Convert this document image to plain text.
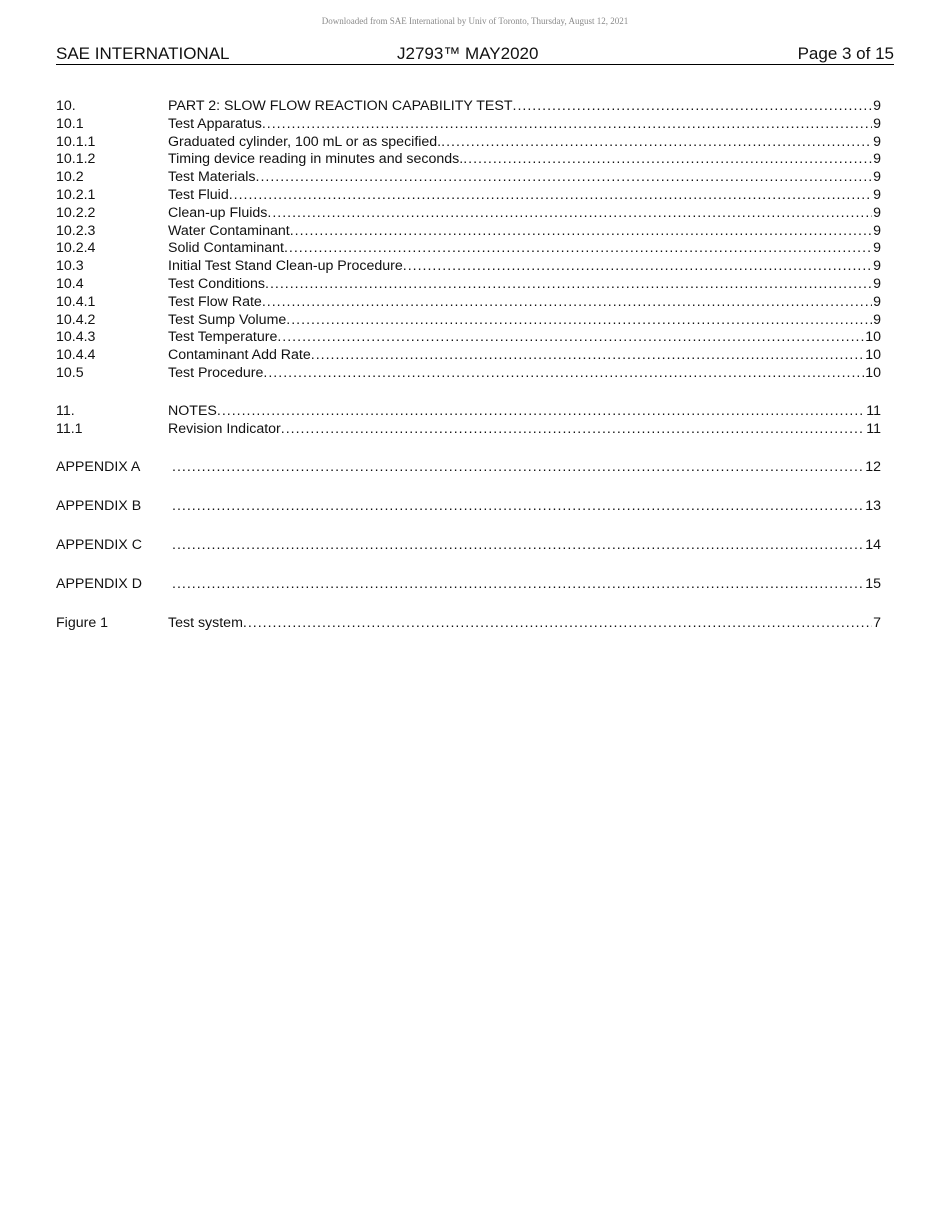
Downloaded from SAE International by Univ of Toronto, Thursday, August 12, 2021
SAE INTERNATIONAL	J2793™ MAY2020	Page 3 of 15
10.	PART 2: SLOW FLOW REACTION CAPABILITY TEST .....	9
10.1	Test Apparatus .....	9
10.1.1	Graduated cylinder, 100 mL or as specified. .....	9
10.1.2	Timing device reading in minutes and seconds. .....	9
10.2	Test Materials .....	9
10.2.1	Test Fluid .....	9
10.2.2	Clean-up Fluids .....	9
10.2.3	Water Contaminant .....	9
10.2.4	Solid Contaminant .....	9
10.3	Initial Test Stand Clean-up Procedure .....	9
10.4	Test Conditions .....	9
10.4.1	Test Flow Rate .....	9
10.4.2	Test Sump Volume .....	9
10.4.3	Test Temperature .....	10
10.4.4	Contaminant Add Rate .....	10
10.5	Test Procedure .....	10
11.	NOTES .....	11
11.1	Revision Indicator .....	11
APPENDIX A .....	12
APPENDIX B .....	13
APPENDIX C .....	14
APPENDIX D .....	15
Figure 1	Test system .....	7
